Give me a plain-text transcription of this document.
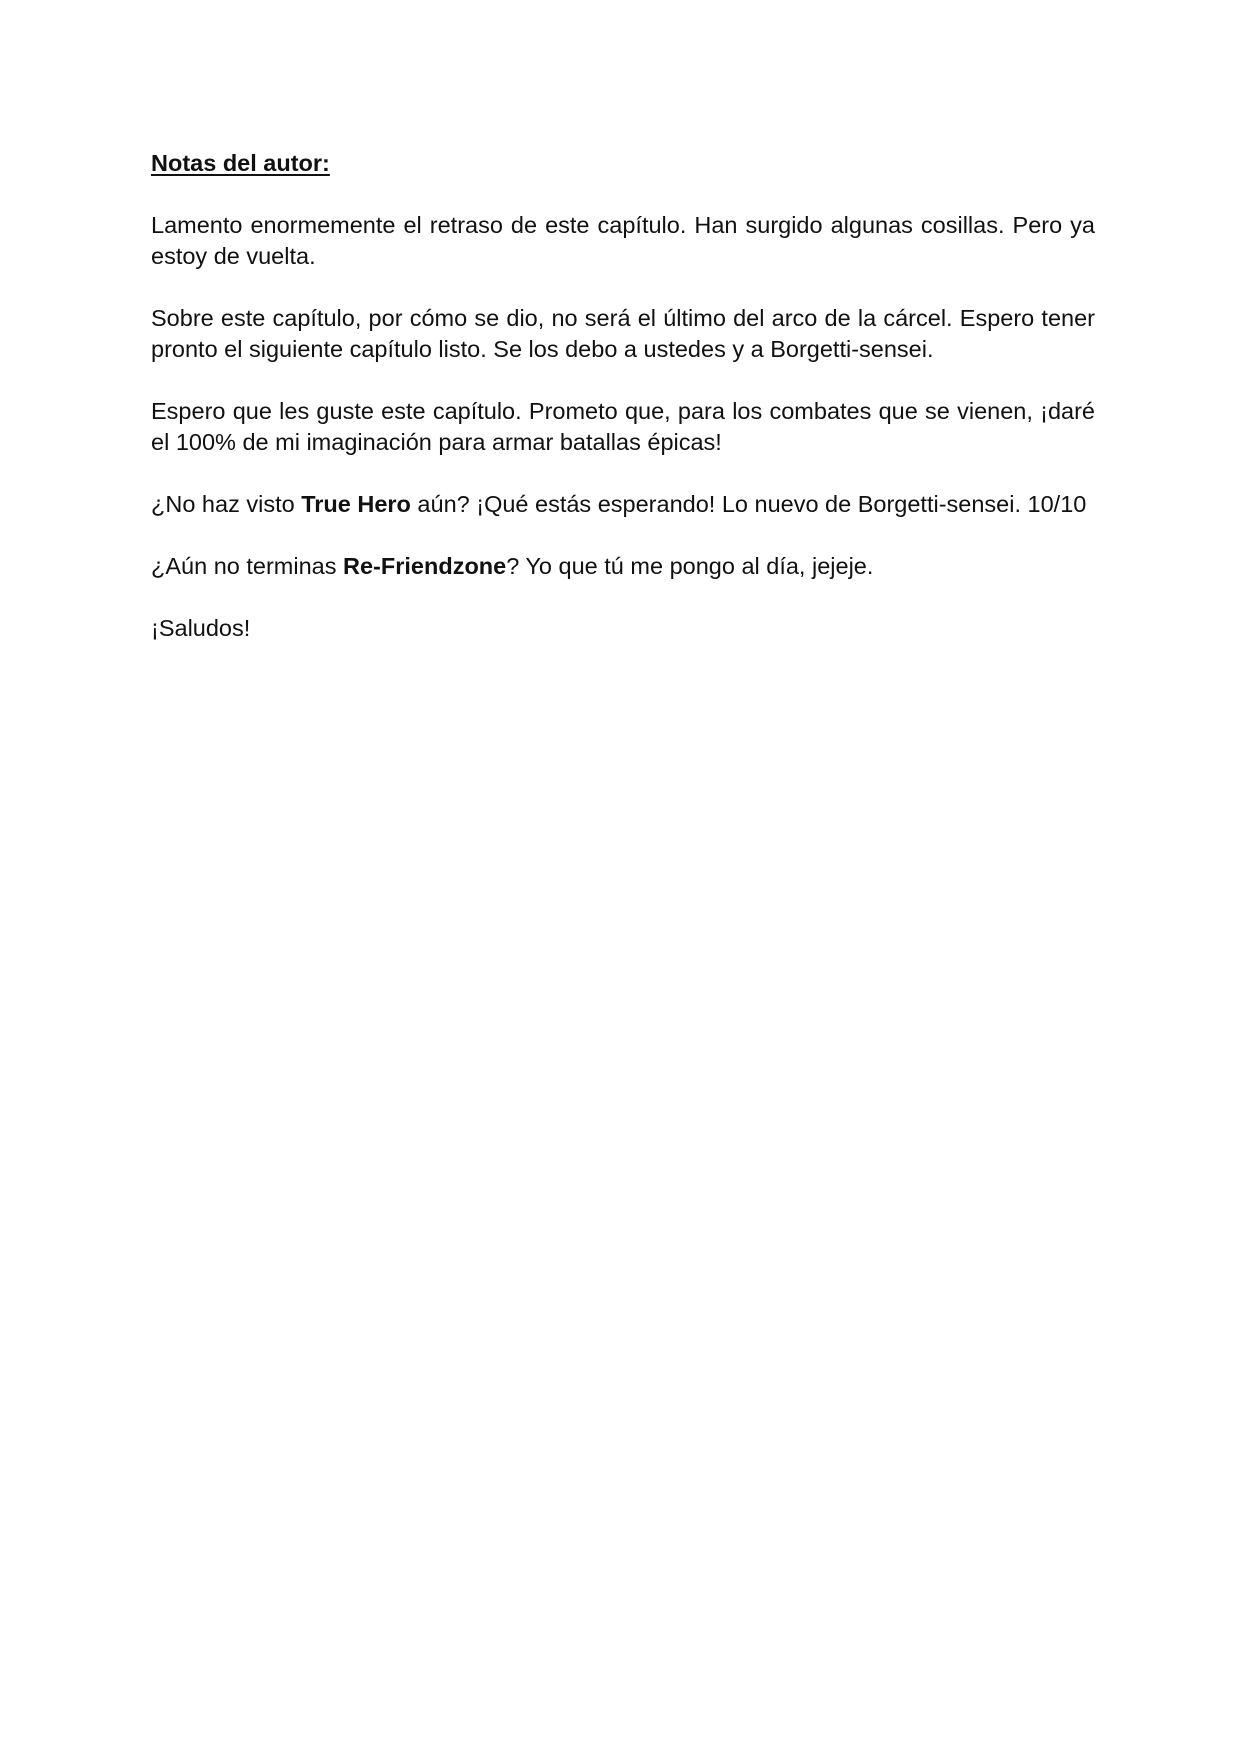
Notas del autor:

Lamento enormemente el retraso de este capítulo. Han surgido algunas cosillas. Pero ya estoy de vuelta.

Sobre este capítulo, por cómo se dio, no será el último del arco de la cárcel. Espero tener pronto el siguiente capítulo listo. Se los debo a ustedes y a Borgetti-sensei.

Espero que les guste este capítulo. Prometo que, para los combates que se vienen, ¡daré el 100% de mi imaginación para armar batallas épicas!

¿No haz visto True Hero aún? ¡Qué estás esperando! Lo nuevo de Borgetti-sensei. 10/10

¿Aún no terminas Re-Friendzone? Yo que tú me pongo al día, jejeje.

¡Saludos!
